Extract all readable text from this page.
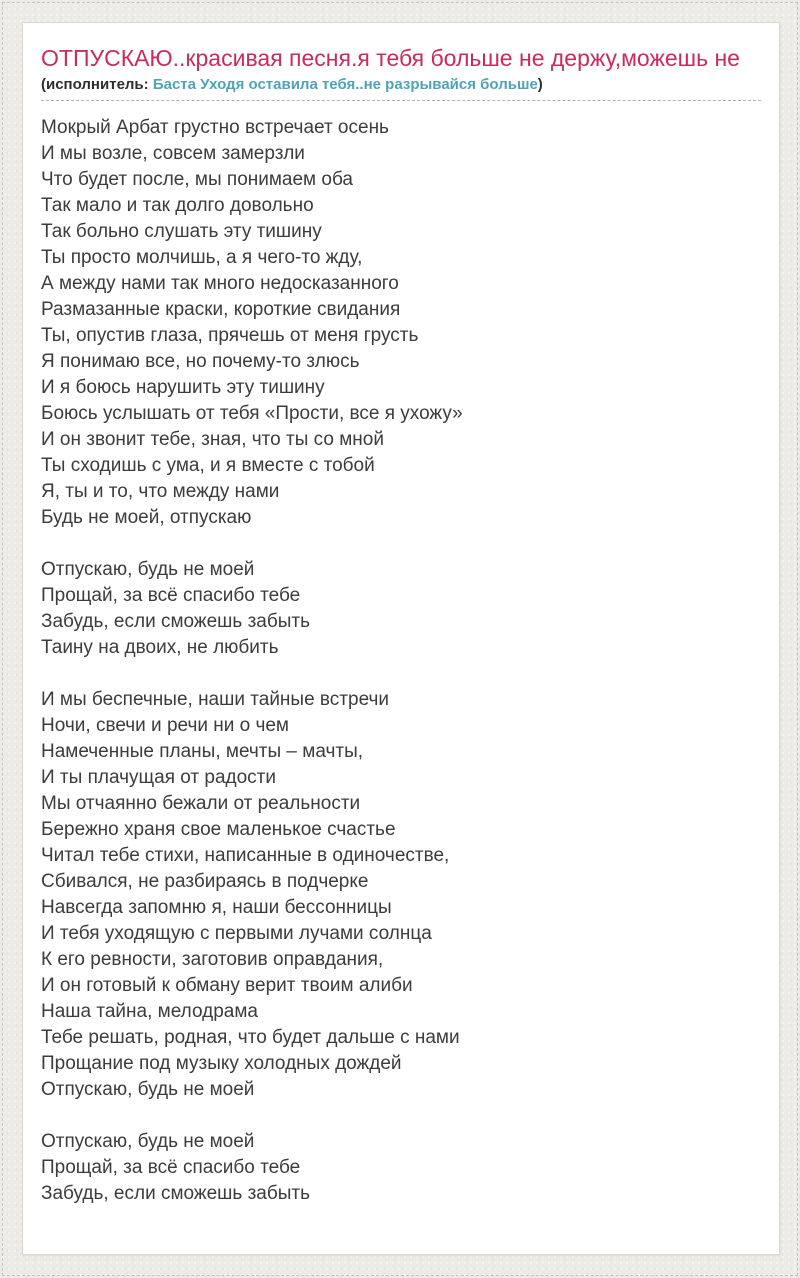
ОТПУСКАЮ..красивая песня.я тебя больше не держу,можешь не

(исполнитель: Баста Уходя оставила тебя..не разрывайся больше)

Мокрый Арбат грустно встречает осень
И мы возле, совсем замерзли
Что будет после, мы понимаем оба
Так мало и так долго довольно
Так больно слушать эту тишину
Ты просто молчишь, а я чего-то жду,
А между нами так много недосказанного
Размазанные краски, короткие свидания
Ты, опустив глаза, прячешь от меня грусть
Я понимаю все, но почему-то злюсь
И я боюсь нарушить эту тишину
Боюсь услышать от тебя «Прости, все я ухожу»
И он звонит тебе, зная, что ты со мной
Ты сходишь с ума, и я вместе с тобой
Я, ты и то, что между нами
Будь не моей, отпускаю
Отпускаю, будь не моей
Прощай, за всё спасибо тебе
Забудь, если сможешь забыть
Таину на двоих, не любить
И мы беспечные, наши тайные встречи
Ночи, свечи и речи ни о чем
Намеченные планы, мечты – мачты,
И ты плачущая от радости
Мы отчаянно бежали от реальности
Бережно храня свое маленькое счастье
Читал тебе стихи, написанные в одиночестве,
Сбивался, не разбираясь в подчерке
Навсегда запомню я, наши бессонницы
И тебя уходящую с первыми лучами солнца
К его ревности, заготовив оправдания,
И он готовый к обману верит твоим алиби
Наша тайна, мелодрама
Тебе решать, родная, что будет дальше с нами
Прощание под музыку холодных дождей
Отпускаю, будь не моей
Отпускаю, будь не моей
Прощай, за всё спасибо тебе
Забудь, если сможешь забыть
